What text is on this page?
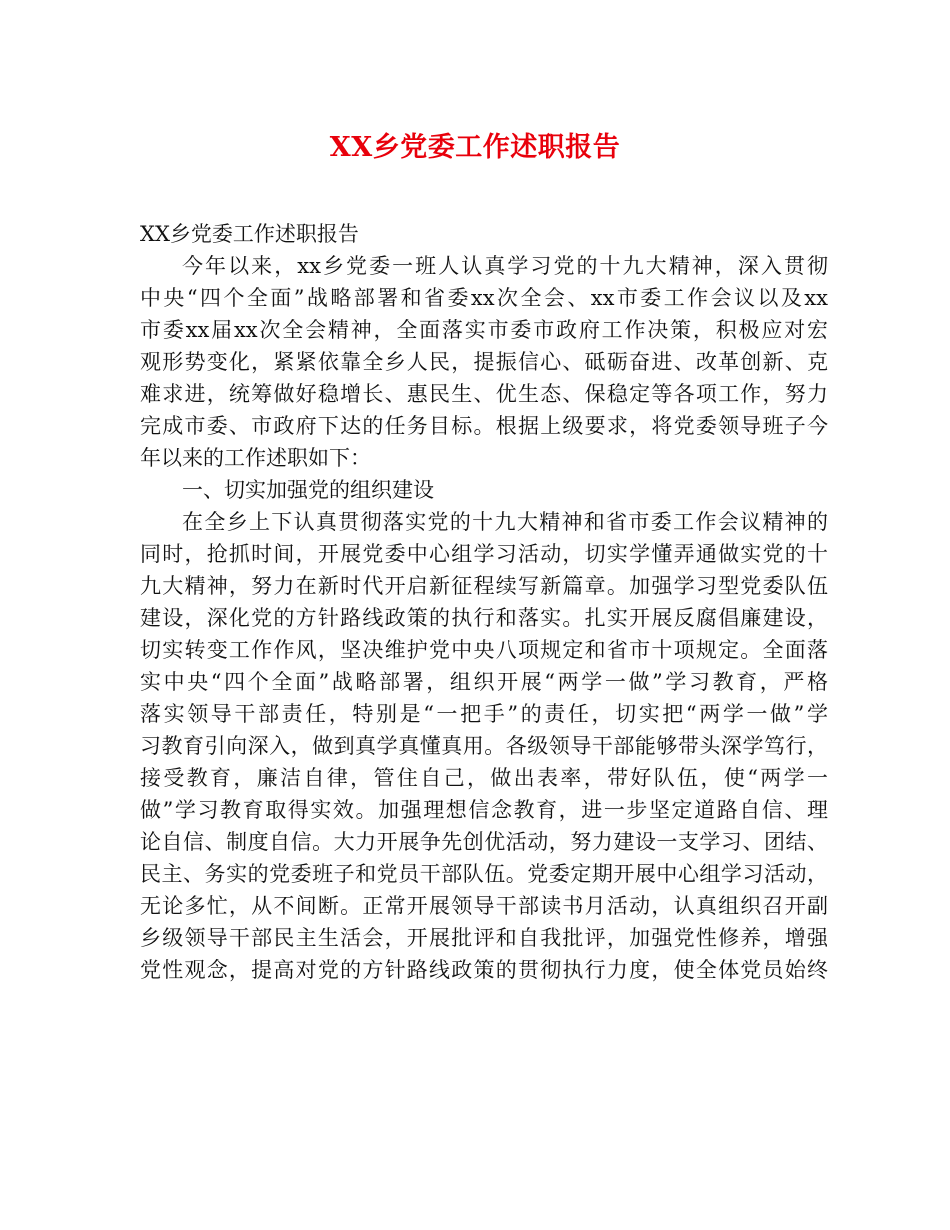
XX乡党委工作述职报告
XX乡党委工作述职报告
今年以来，xx乡党委一班人认真学习党的十九大精神，深入贯彻
中央“四个全面”战略部署和省委xx次全会、xx市委工作会议以及xx
市委xx届xx次全会精神，全面落实市委市政府工作决策，积极应对宏
观形势变化，紧紧依靠全乡人民，提振信心、砥砺奋进、改革创新、克
难求进，统筹做好稳增长、惠民生、优生态、保稳定等各项工作，努力
完成市委、市政府下达的任务目标。根据上级要求，将党委领导班子今
年以来的工作述职如下：
一、切实加强党的组织建设
在全乡上下认真贯彻落实党的十九大精神和省市委工作会议精神的
同时，抢抓时间，开展党委中心组学习活动，切实学懂弄通做实党的十
九大精神，努力在新时代开启新征程续写新篇章。加强学习型党委队伍
建设，深化党的方针路线政策的执行和落实。扎实开展反腐倡廉建设，
切实转变工作作风，坚决维护党中央八项规定和省市十项规定。全面落
实中央“四个全面”战略部署，组织开展“两学一做”学习教育，严格
落实领导干部责任，特别是“一把手”的责任，切实把“两学一做”学
习教育引向深入，做到真学真懂真用。各级领导干部能够带头深学笃行，
接受教育，廉洁自律，管住自己，做出表率，带好队伍，使“两学一
做”学习教育取得实效。加强理想信念教育，进一步坚定道路自信、理
论自信、制度自信。大力开展争先创优活动，努力建设一支学习、团结、
民主、务实的党委班子和党员干部队伍。党委定期开展中心组学习活动，
无论多忙，从不间断。正常开展领导干部读书月活动，认真组织召开副
乡级领导干部民主生活会，开展批评和自我批评，加强党性修养，增强
党性观念，提高对党的方针路线政策的贯彻执行力度，使全体党员始终
